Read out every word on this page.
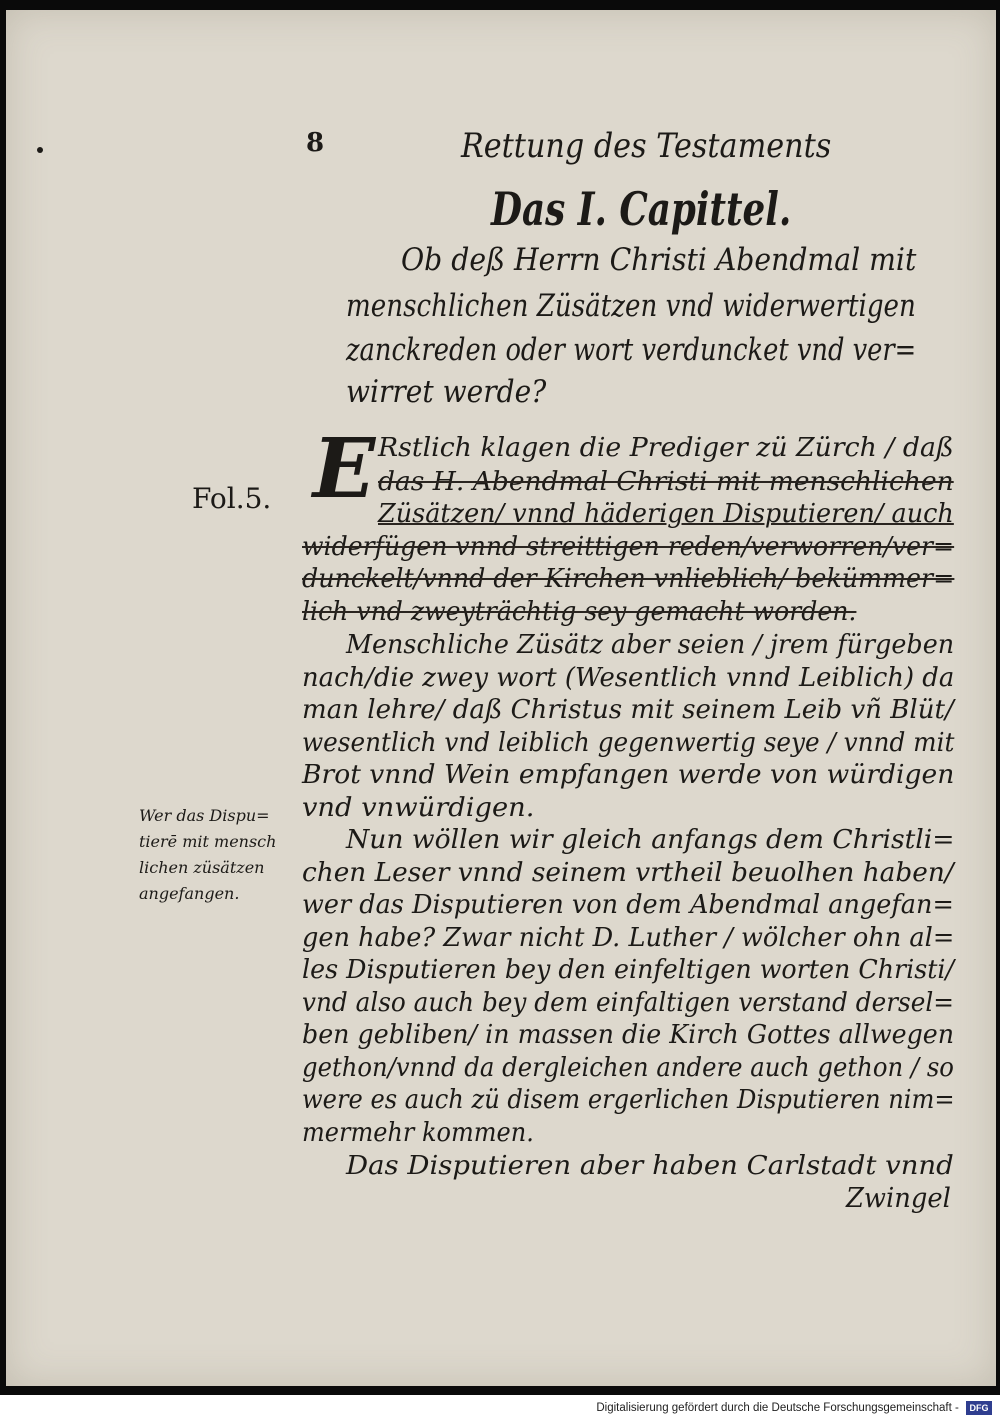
8	Rettung des Testaments
Das I. Capittel.
Ob deß Herrn Christi Abendmal mit
menschlichen Züsätzen vnd widerwertigen
zanckreden oder wort verduncket vnd ver=
wirret werde?
E
Fol.5.
Wer das Dispu=
tierē mit mensch
lichen züsätzen
angefangen.
Rstlich klagen die Prediger zü Zürch / daß
das H. Abendmal Christi mit menschlichen
Züsätzen/ vnnd häderigen Disputieren/ auch
widerfügen vnnd streittigen reden/verworren/ver=
dunckelt/vnnd der Kirchen vnlieblich/ bekümmer=
lich vnd zweyträchtig sey gemacht worden.
Menschliche Züsätz aber seien / jrem fürgeben
nach/die zwey wort (Wesentlich vnnd Leiblich) da
man lehre/ daß Christus mit seinem Leib vñ Blüt/
wesentlich vnd leiblich gegenwertig seye / vnnd mit
Brot vnnd Wein empfangen werde von würdigen
vnd vnwürdigen.
Nun wöllen wir gleich anfangs dem Christli=
chen Leser vnnd seinem vrtheil beuolhen haben/
wer das Disputieren von dem Abendmal angefan=
gen habe? Zwar nicht D. Luther / wölcher ohn al=
les Disputieren bey den einfeltigen worten Christi/
vnd also auch bey dem einfaltigen verstand dersel=
ben gebliben/ in massen die Kirch Gottes allwegen
gethon/vnnd da dergleichen andere auch gethon / so
were es auch zü disem ergerlichen Disputieren nim=
mermehr kommen.
Das Disputieren aber haben Carlstadt vnnd
Zwingel
Digitalisierung gefördert durch die Deutsche Forschungsgemeinschaft -	DFG
